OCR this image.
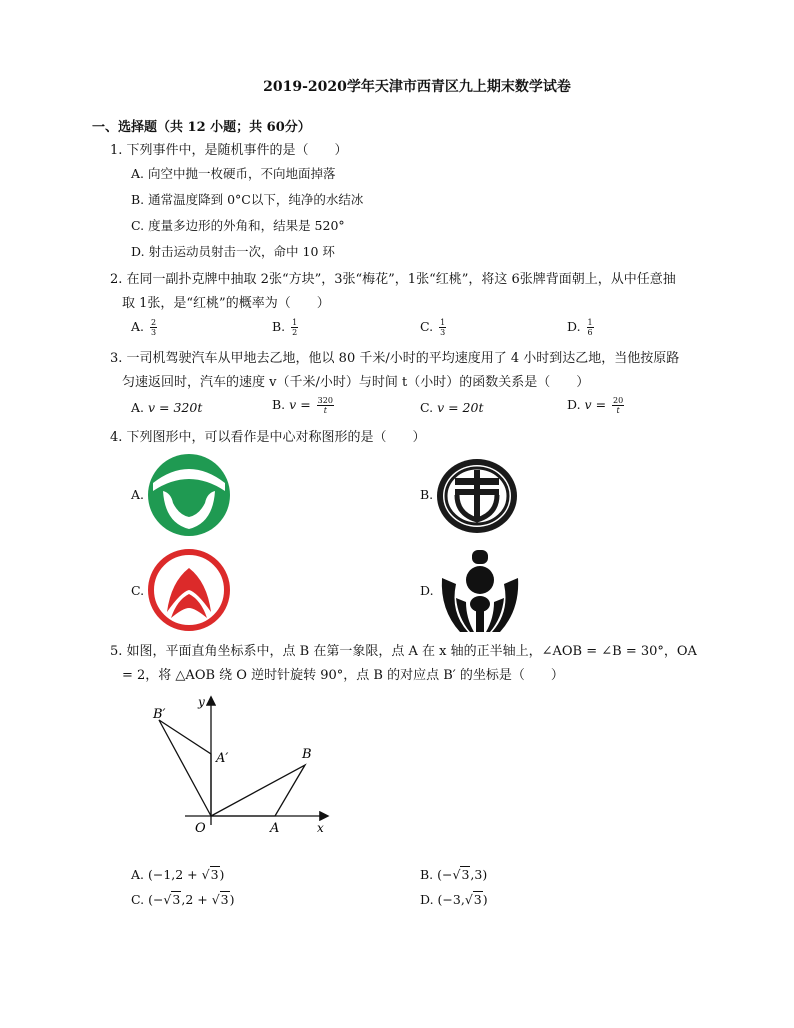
2019-2020学年天津市西青区九上期末数学试卷
一、选择题（共 12 小题；共 60分）
1. 下列事件中，是随机事件的是（　　）
A. 向空中抛一枚硬币，不向地面掉落
B. 通常温度降到 0°C以下，纯净的水结冰
C. 度量多边形的外角和，结果是 520°
D. 射击运动员射击一次，命中 10 环
2. 在同一副扑克牌中抽取 2张“方块”，3张“梅花”，1张“红桃”，将这 6张牌背面朝上，从中任意抽
取 1张，是“红桃”的概率为（　　）
A. $\frac{2}{3}$	B. $\frac{1}{2}$	C. $\frac{1}{3}$	D. $\frac{1}{6}$
3. 一司机驾驶汽车从甲地去乙地，他以 80 千米/小时的平均速度用了 4 小时到达乙地，当他按原路
匀速返回时，汽车的速度 v（千米/小时）与时间 t（小时）的函数关系是（　　）
A. v = 320t	B. $v = \frac{320}{t}$	C. v = 20t	D. $v = \frac{20}{t}$
4. 下列图形中，可以看作是中心对称图形的是（　　）
A.	B.
C.	D.
5. 如图，平面直角坐标系中，点 B 在第一象限，点 A 在 x 轴的正半轴上，∠AOB = ∠B = 30°，OA
= 2，将 △AOB 绕 O 逆时针旋转 90°，点 B 的对应点 B′ 的坐标是（　　）
B′
y
A′	B
O	A	x
A. (−1,2 + √3)	B. (−√3,3)
C. (−√3,2 + √3)	D. (−3,√3)
